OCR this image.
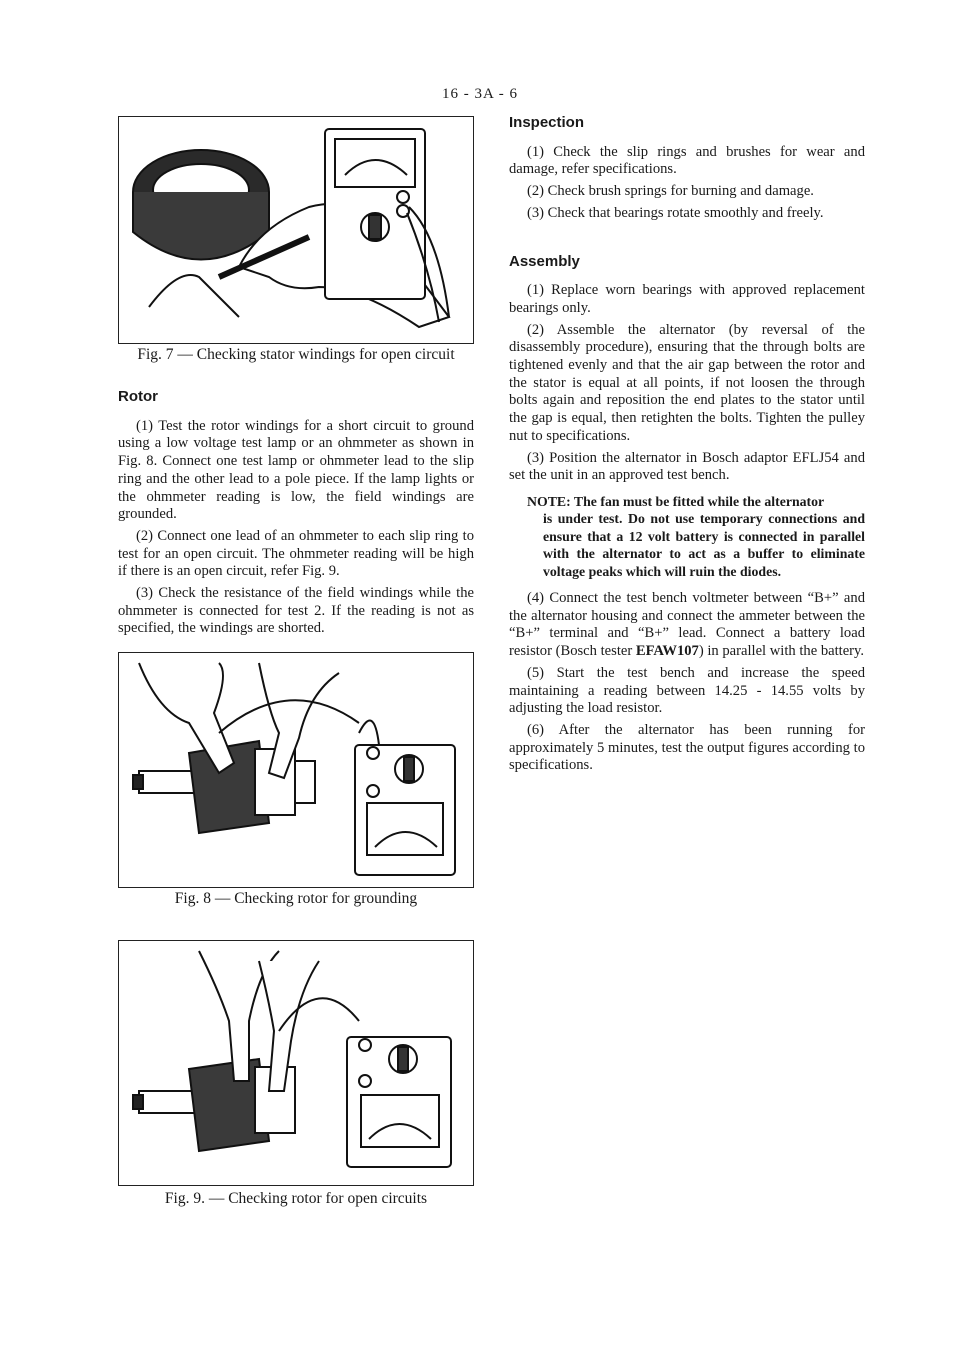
16 - 3A - 6
Fig. 7 — Checking stator windings for open circuit
Rotor

(1) Test the rotor windings for a short circuit to ground using a low voltage test lamp or an ohmmeter as shown in Fig. 8. Connect one test lamp or ohmmeter lead to the slip ring and the other lead to a pole piece. If the lamp lights or the ohmmeter reading is low, the field windings are grounded.

(2) Connect one lead of an ohmmeter to each slip ring to test for an open circuit. The ohmmeter reading will be high if there is an open circuit, refer Fig. 9.

(3) Check the resistance of the field windings while the ohmmeter is connected for test 2. If the reading is not as specified, the windings are shorted.

Fig. 8 — Checking rotor for grounding
Fig. 9. — Checking rotor for open circuits
Inspection

(1) Check the slip rings and brushes for wear and damage, refer specifications.

(2) Check brush springs for burning and damage.

(3) Check that bearings rotate smoothly and freely.

Assembly

(1) Replace worn bearings with approved replacement bearings only.

(2) Assemble the alternator (by reversal of the disassembly procedure), ensuring that the through bolts are tightened evenly and that the air gap between the rotor and the stator is equal at all points, if not loosen the through bolts again and reposition the end plates to the stator until the gap is equal, then retighten the bolts. Tighten the pulley nut to specifications.

(3) Position the alternator in Bosch adaptor EFLJ54 and set the unit in an approved test bench.

NOTE: The fan must be fitted while the alternator
is under test. Do not use temporary connections and ensure that a 12 volt battery is connected in parallel with the alternator to act as a buffer to eliminate voltage peaks which will ruin the diodes.

(4) Connect the test bench voltmeter between “B+” and the alternator housing and connect the ammeter between the “B+” terminal and “B+” lead. Connect a battery load resistor (Bosch tester EFAW107) in parallel with the battery.

(5) Start the test bench and increase the speed maintaining a reading between 14.25 - 14.55 volts by adjusting the load resistor.

(6) After the alternator has been running for approximately 5 minutes, test the output figures according to specifications.
